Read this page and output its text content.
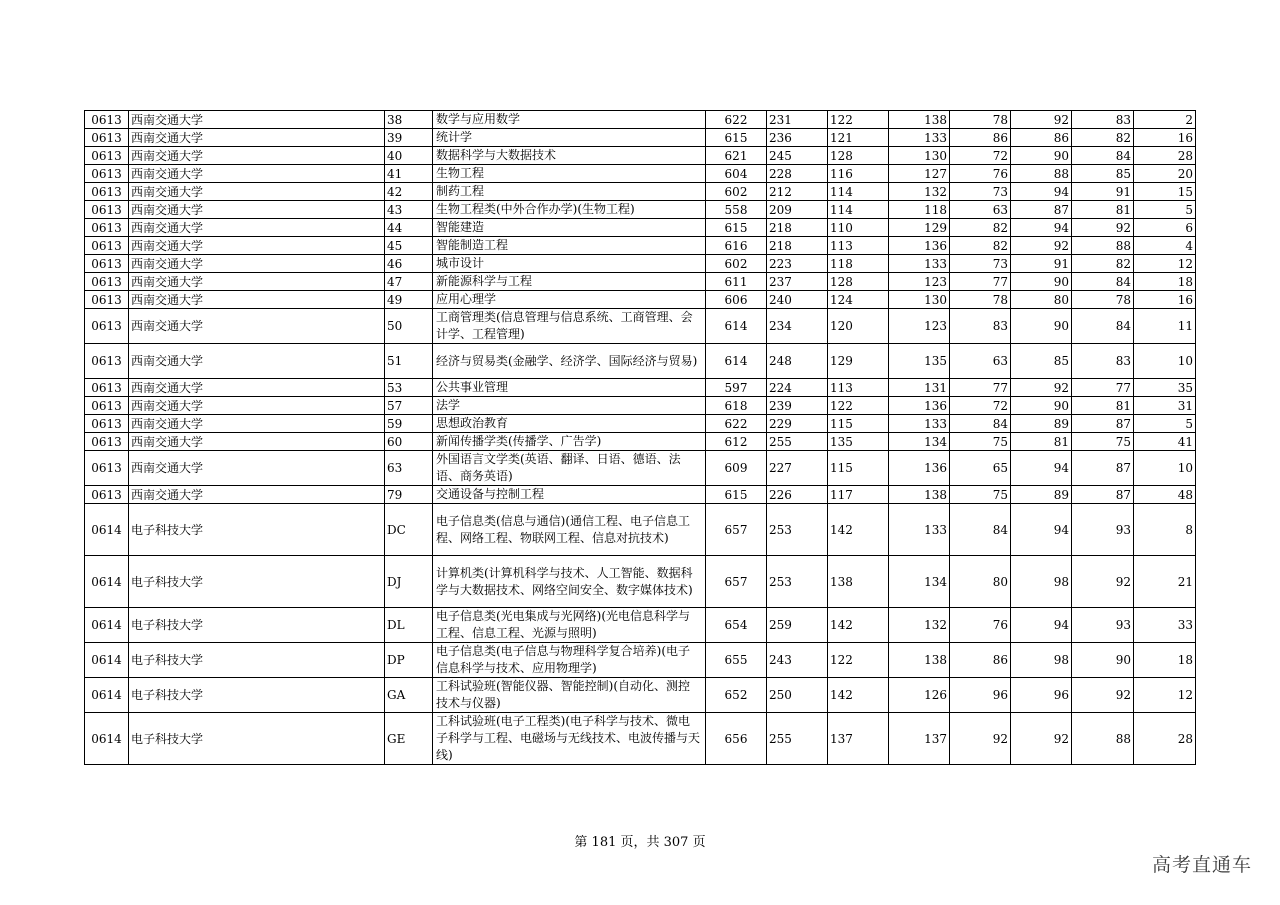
0613	西南交通大学	38	数学与应用数学	622	231	122	138	78	92	83	2
0613	西南交通大学	39	统计学	615	236	121	133	86	86	82	16
0613	西南交通大学	40	数据科学与大数据技术	621	245	128	130	72	90	84	28
0613	西南交通大学	41	生物工程	604	228	116	127	76	88	85	20
0613	西南交通大学	42	制药工程	602	212	114	132	73	94	91	15
0613	西南交通大学	43	生物工程类(中外合作办学)(生物工程)	558	209	114	118	63	87	81	5
0613	西南交通大学	44	智能建造	615	218	110	129	82	94	92	6
0613	西南交通大学	45	智能制造工程	616	218	113	136	82	92	88	4
0613	西南交通大学	46	城市设计	602	223	118	133	73	91	82	12
0613	西南交通大学	47	新能源科学与工程	611	237	128	123	77	90	84	18
0613	西南交通大学	49	应用心理学	606	240	124	130	78	80	78	16
0613	西南交通大学	50	工商管理类(信息管理与信息系统、工商管理、会计学、工程管理)	614	234	120	123	83	90	84	11
0613	西南交通大学	51	经济与贸易类(金融学、经济学、国际经济与贸易)	614	248	129	135	63	85	83	10
0613	西南交通大学	53	公共事业管理	597	224	113	131	77	92	77	35
0613	西南交通大学	57	法学	618	239	122	136	72	90	81	31
0613	西南交通大学	59	思想政治教育	622	229	115	133	84	89	87	5
0613	西南交通大学	60	新闻传播学类(传播学、广告学)	612	255	135	134	75	81	75	41
0613	西南交通大学	63	外国语言文学类(英语、翻译、日语、德语、法语、商务英语)	609	227	115	136	65	94	87	10
0613	西南交通大学	79	交通设备与控制工程	615	226	117	138	75	89	87	48
0614	电子科技大学	DC	电子信息类(信息与通信)(通信工程、电子信息工程、网络工程、物联网工程、信息对抗技术)	657	253	142	133	84	94	93	8
0614	电子科技大学	DJ	计算机类(计算机科学与技术、人工智能、数据科学与大数据技术、网络空间安全、数字媒体技术)	657	253	138	134	80	98	92	21
0614	电子科技大学	DL	电子信息类(光电集成与光网络)(光电信息科学与工程、信息工程、光源与照明)	654	259	142	132	76	94	93	33
0614	电子科技大学	DP	电子信息类(电子信息与物理科学复合培养)(电子信息科学与技术、应用物理学)	655	243	122	138	86	98	90	18
0614	电子科技大学	GA	工科试验班(智能仪器、智能控制)(自动化、测控技术与仪器)	652	250	142	126	96	96	92	12
0614	电子科技大学	GE	工科试验班(电子工程类)(电子科学与技术、微电子科学与工程、电磁场与无线技术、电波传播与天线)	656	255	137	137	92	92	88	28
第 181 页，共 307 页
高考直通车
